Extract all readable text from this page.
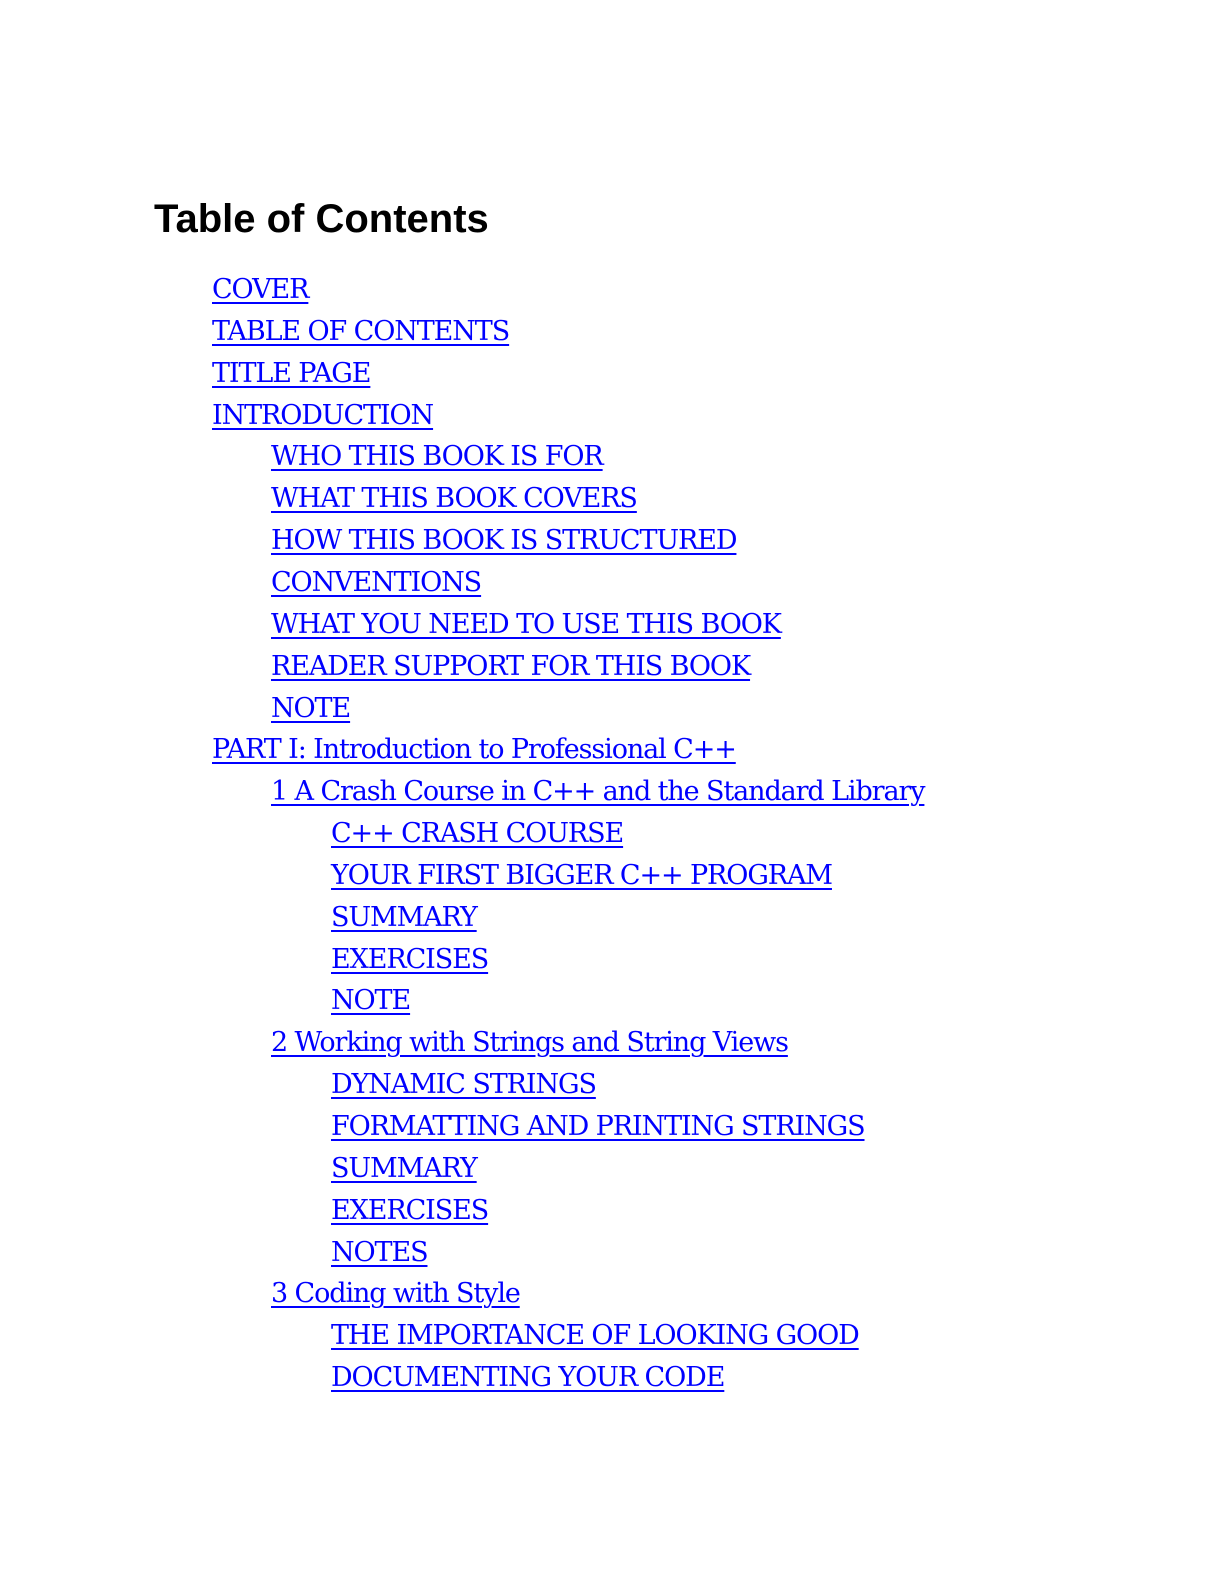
Table of Contents
COVER
TABLE OF CONTENTS
TITLE PAGE
INTRODUCTION
WHO THIS BOOK IS FOR
WHAT THIS BOOK COVERS
HOW THIS BOOK IS STRUCTURED
CONVENTIONS
WHAT YOU NEED TO USE THIS BOOK
READER SUPPORT FOR THIS BOOK
NOTE
PART I: Introduction to Professional C++
1 A Crash Course in C++ and the Standard Library
C++ CRASH COURSE
YOUR FIRST BIGGER C++ PROGRAM
SUMMARY
EXERCISES
NOTE
2 Working with Strings and String Views
DYNAMIC STRINGS
FORMATTING AND PRINTING STRINGS
SUMMARY
EXERCISES
NOTES
3 Coding with Style
THE IMPORTANCE OF LOOKING GOOD
DOCUMENTING YOUR CODE
